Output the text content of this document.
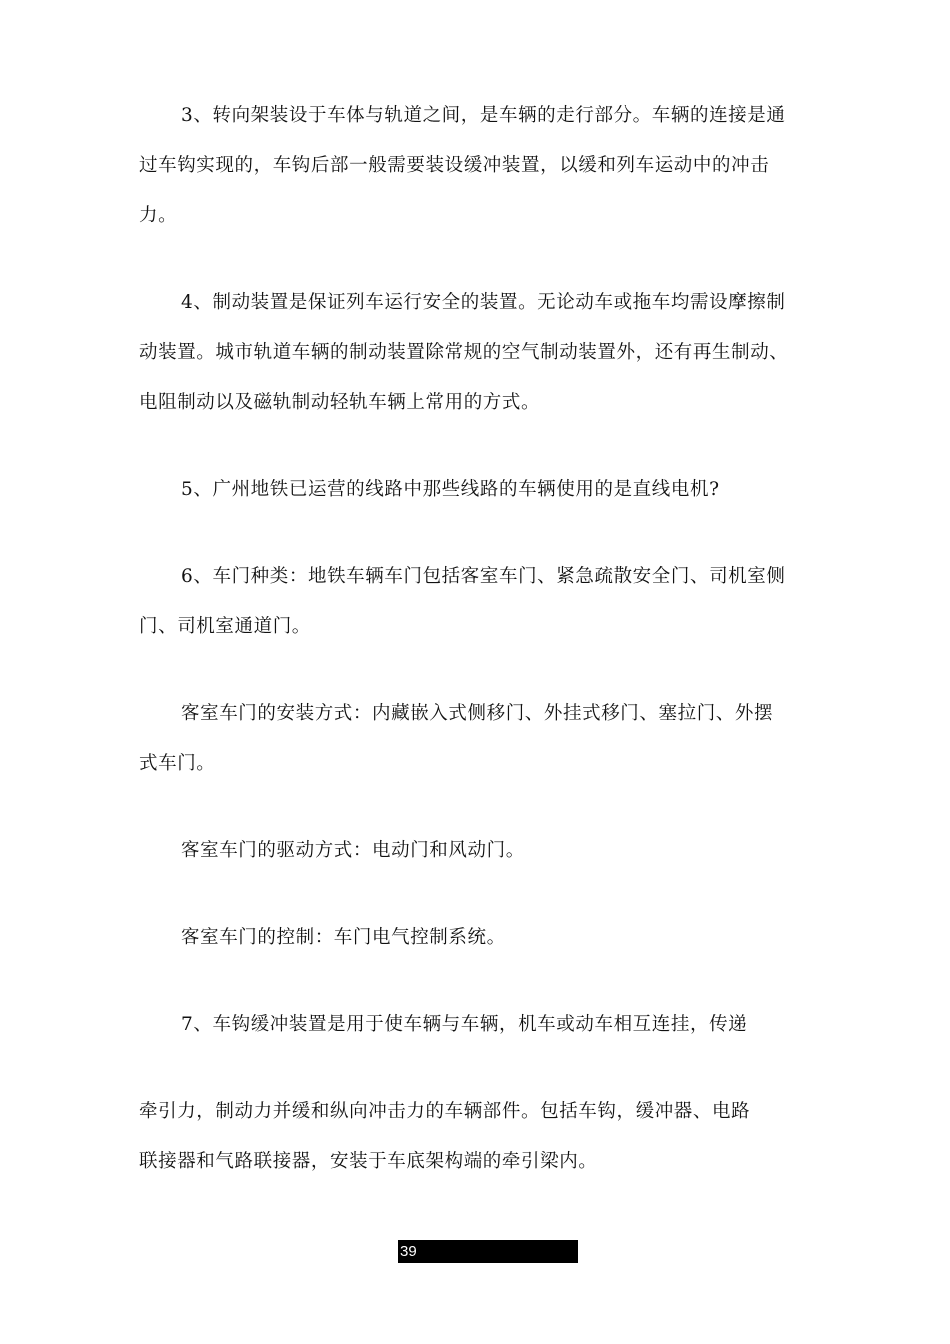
3、转向架装设于车体与轨道之间，是车辆的走行部分。车辆的连接是通
过车钩实现的，车钩后部一般需要装设缓冲装置，以缓和列车运动中的冲击
力。
4、制动装置是保证列车运行安全的装置。无论动车或拖车均需设摩擦制
动装置。城市轨道车辆的制动装置除常规的空气制动装置外，还有再生制动、
电阻制动以及磁轨制动轻轨车辆上常用的方式。
5、广州地铁已运营的线路中那些线路的车辆使用的是直线电机?
6、车门种类：地铁车辆车门包括客室车门、紧急疏散安全门、司机室侧
门、司机室通道门。
客室车门的安装方式：内藏嵌入式侧移门、外挂式移门、塞拉门、外摆
式车门。
客室车门的驱动方式：电动门和风动门。
客室车门的控制：车门电气控制系统。
7、车钩缓冲装置是用于使车辆与车辆，机车或动车相互连挂，传递
牵引力，制动力并缓和纵向冲击力的车辆部件。包括车钩，缓冲器、电路
联接器和气路联接器，安装于车底架构端的牵引梁内。
39
